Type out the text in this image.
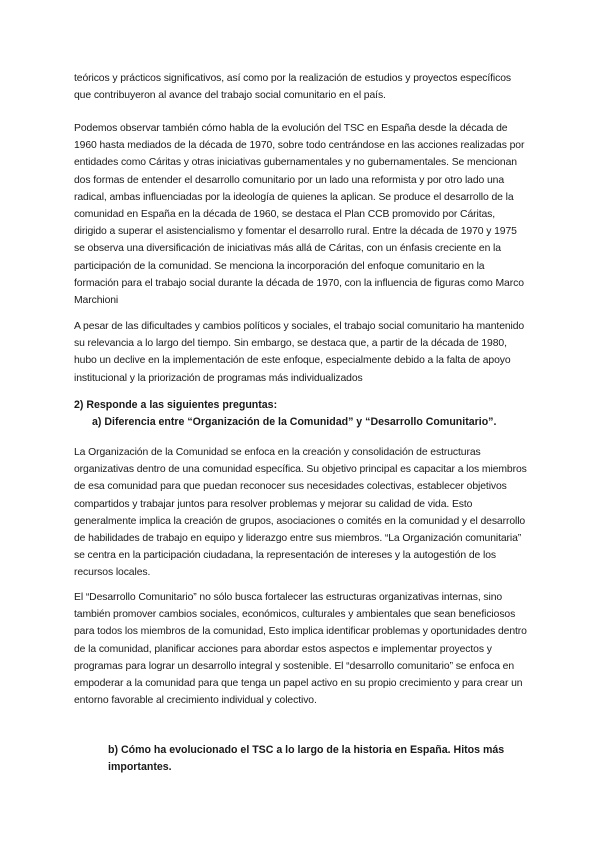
teóricos y prácticos significativos, así como por la realización de estudios y proyectos específicos que contribuyeron al avance del trabajo social comunitario en el país.

Podemos observar también cómo habla de la evolución del TSC en España desde la década de 1960 hasta mediados de la década de 1970, sobre todo centrándose en las acciones realizadas por entidades como Cáritas y otras iniciativas gubernamentales y no gubernamentales. Se mencionan dos formas de entender el desarrollo comunitario por un lado una reformista y por otro lado una radical, ambas influenciadas por la ideología de quienes la aplican. Se produce el desarrollo de la comunidad en España en la década de 1960, se destaca el Plan CCB promovido por Cáritas, dirigido a superar el asistencialismo y fomentar el desarrollo rural. Entre la década de 1970 y 1975 se observa una diversificación de iniciativas más allá de Cáritas, con un énfasis creciente en la participación de la comunidad. Se menciona la incorporación del enfoque comunitario en la formación para el trabajo social durante la década de 1970, con la influencia de figuras como Marco Marchioni

A pesar de las dificultades y cambios políticos y sociales, el trabajo social comunitario ha mantenido su relevancia a lo largo del tiempo. Sin embargo, se destaca que, a partir de la década de 1980, hubo un declive en la implementación de este enfoque, especialmente debido a la falta de apoyo institucional y la priorización de programas más individualizados

2) Responde a las siguientes preguntas:

a) Diferencia entre “Organización de la Comunidad” y “Desarrollo Comunitario”.

La Organización de la Comunidad se enfoca en la creación y consolidación de estructuras organizativas dentro de una comunidad específica. Su objetivo principal es capacitar a los miembros de esa comunidad para que puedan reconocer sus necesidades colectivas, establecer objetivos compartidos y trabajar juntos para resolver problemas y mejorar su calidad de vida. Esto generalmente implica la creación de grupos, asociaciones o comités en la comunidad y el desarrollo de habilidades de trabajo en equipo y liderazgo entre sus miembros. “La Organización comunitaria” se centra en la participación ciudadana, la representación de intereses y la autogestión de los recursos locales.

El “Desarrollo Comunitario” no sólo busca fortalecer las estructuras organizativas internas, sino también promover cambios sociales, económicos, culturales y ambientales que sean beneficiosos para todos los miembros de la comunidad, Esto implica identificar problemas y oportunidades dentro de la comunidad, planificar acciones para abordar estos aspectos e implementar proyectos y programas para lograr un desarrollo integral y sostenible. El “desarrollo comunitario” se enfoca en empoderar a la comunidad para que tenga un papel activo en su propio crecimiento y para crear un entorno favorable al crecimiento individual y colectivo.

b) Cómo ha evolucionado el TSC a lo largo de la historia en España. Hitos más importantes.
